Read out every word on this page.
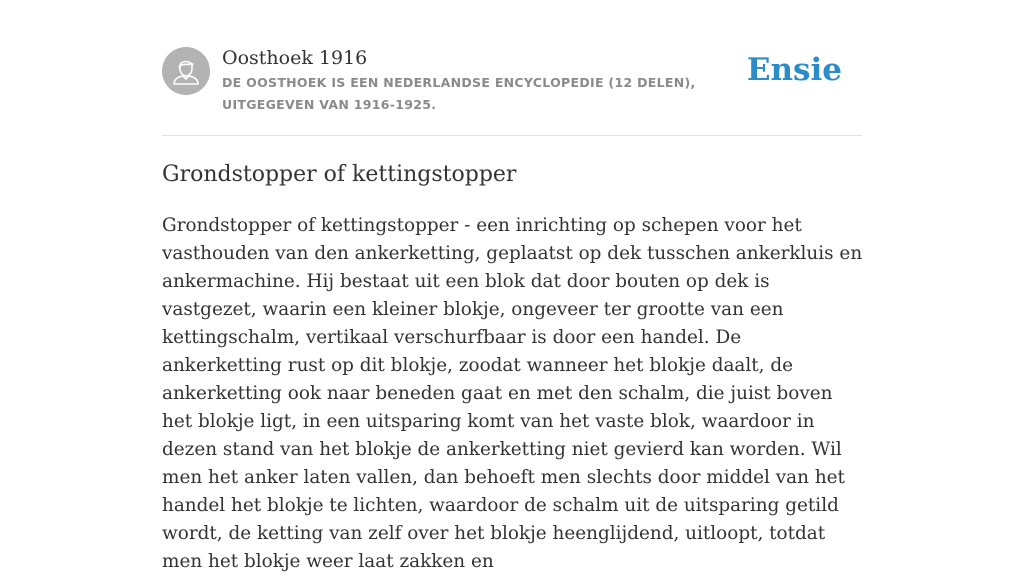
Oosthoek 1916
DE OOSTHOEK IS EEN NEDERLANDSE ENCYCLOPEDIE (12 DELEN), UITGEGEVEN VAN 1916-1925.
Ensie
Grondstopper of kettingstopper

Grondstopper of kettingstopper - een inrichting op schepen voor het vasthouden van den ankerketting, geplaatst op dek tusschen ankerkluis en ankermachine. Hij bestaat uit een blok dat door bouten op dek is vastgezet, waarin een kleiner blokje, ongeveer ter grootte van een kettingschalm, vertikaal verschurfbaar is door een handel. De ankerketting rust op dit blokje, zoodat wanneer het blokje daalt, de ankerketting ook naar beneden gaat en met den schalm, die juist boven het blokje ligt, in een uitsparing komt van het vaste blok, waardoor in dezen stand van het blokje de ankerketting niet gevierd kan worden. Wil men het anker laten vallen, dan behoeft men slechts door middel van het handel het blokje te lichten, waardoor de schalm uit de uitsparing getild wordt, de ketting van zelf over het blokje heenglijdend, uitloopt, totdat men het blokje weer laat zakken en
